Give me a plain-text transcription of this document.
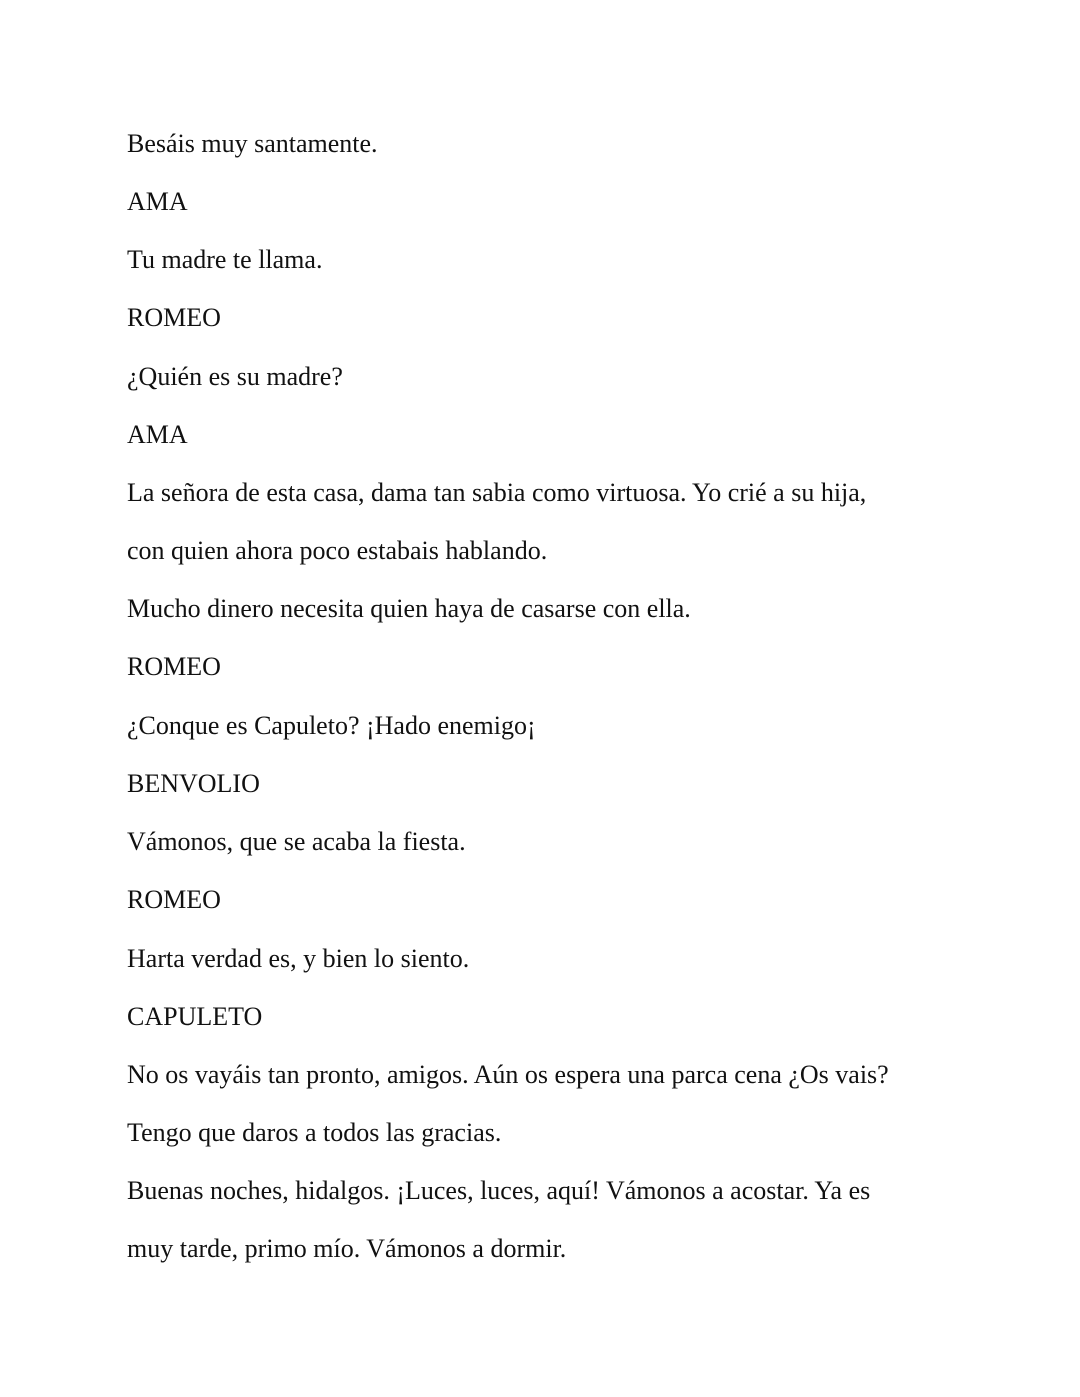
Besáis muy santamente.

AMA

Tu madre te llama.

ROMEO

¿Quién es su madre?

AMA

La señora de esta casa, dama tan sabia como virtuosa. Yo crié a su hija,

con quien ahora poco estabais hablando.

Mucho dinero necesita quien haya de casarse con ella.

ROMEO

¿Conque es Capuleto? ¡Hado enemigo¡

BENVOLIO

Vámonos, que se acaba la fiesta.

ROMEO

Harta verdad es, y bien lo siento.

CAPULETO

No os vayáis tan pronto, amigos. Aún os espera una parca cena ¿Os vais?

Tengo que daros a todos las gracias.

Buenas noches, hidalgos. ¡Luces, luces, aquí! Vámonos a acostar. Ya es

muy tarde, primo mío. Vámonos a dormir.
